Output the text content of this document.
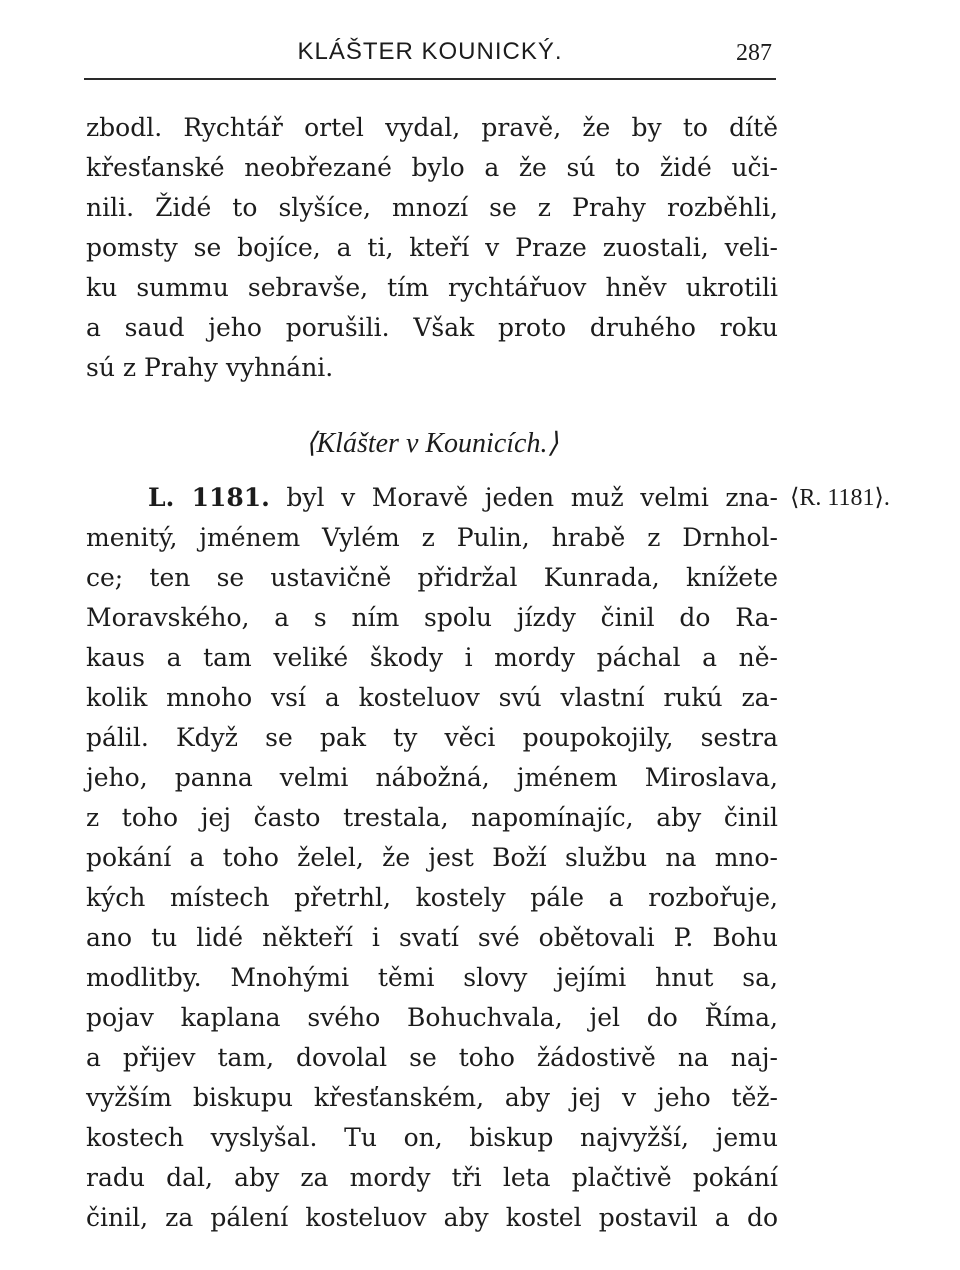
KLÁŠTER KOUNICKÝ.	287
zbodl. Rychtář ortel vydal, pravě, že by to dítě
křesťanské neobřezané bylo a že sú to židé uči-
nili. Židé to slyšíce, mnozí se z Prahy rozběhli,
pomsty se bojíce, a ti, kteří v Praze zuostali, veli-
ku summu sebravše, tím rychtářuov hněv ukrotili
a saud jeho porušili. Však proto druhého roku
sú z Prahy vyhnáni.
⟨Klášter v Kounicích.⟩
L. 1181. byl v Moravě jeden muž velmi zna- ⟨R. 1181⟩.
menitý, jménem Vylém z Pulin, hrabě z Drnhol-
ce; ten se ustavičně přidržal Kunrada, knížete
Moravského, a s ním spolu jízdy činil do Ra-
kaus a tam veliké škody i mordy páchal a ně-
kolik mnoho vsí a kosteluov svú vlastní rukú za-
pálil. Když se pak ty věci poupokojily, sestra
jeho, panna velmi nábožná, jménem Miroslava,
z toho jej často trestala, napomínajíc, aby činil
pokání a toho želel, že jest Boží službu na mno-
kých místech přetrhl, kostely pále a rozbořuje,
ano tu lidé někteří i svatí své obětovali P. Bohu
modlitby. Mnohými těmi slovy jejími hnut sa,
pojav kaplana svého Bohuchvala, jel do Říma,
a přijev tam, dovolal se toho žádostivě na naj-
vyžším biskupu křesťanském, aby jej v jeho těž-
kostech vyslyšal. Tu on, biskup najvyžší, jemu
radu dal, aby za mordy tři leta plačtivě pokání
činil, za pálení kosteluov aby kostel postavil a do
